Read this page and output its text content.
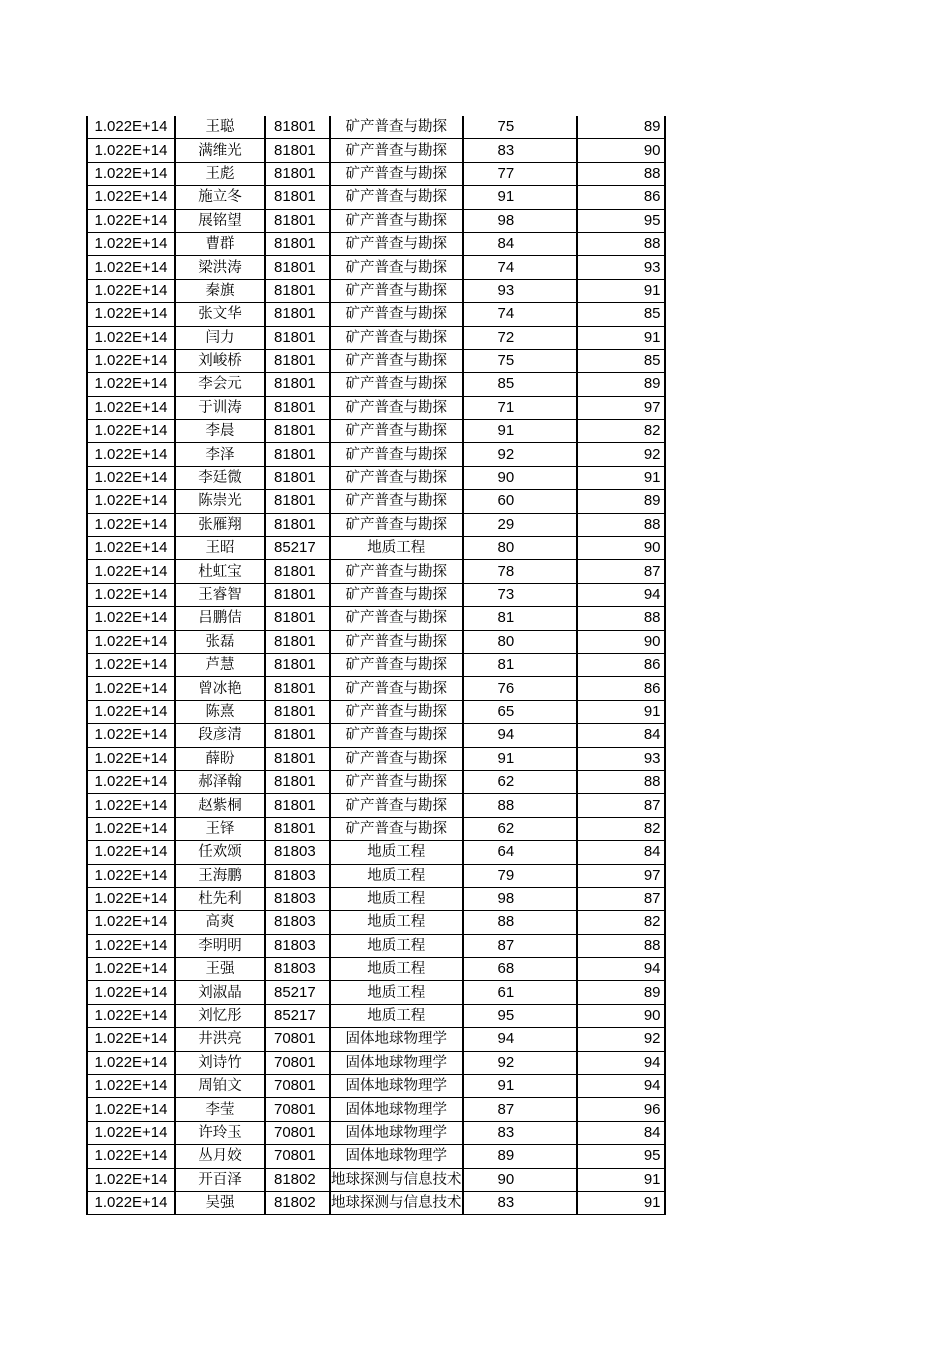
1.022E+14	王聪	81801	矿产普查与勘探	75	89
1.022E+14	满维光	81801	矿产普查与勘探	83	90
1.022E+14	王彪	81801	矿产普查与勘探	77	88
1.022E+14	施立冬	81801	矿产普查与勘探	91	86
1.022E+14	展铭望	81801	矿产普查与勘探	98	95
1.022E+14	曹群	81801	矿产普查与勘探	84	88
1.022E+14	梁洪涛	81801	矿产普查与勘探	74	93
1.022E+14	秦旗	81801	矿产普查与勘探	93	91
1.022E+14	张文华	81801	矿产普查与勘探	74	85
1.022E+14	闫力	81801	矿产普查与勘探	72	91
1.022E+14	刘峻桥	81801	矿产普查与勘探	75	85
1.022E+14	李会元	81801	矿产普查与勘探	85	89
1.022E+14	于训涛	81801	矿产普查与勘探	71	97
1.022E+14	李晨	81801	矿产普查与勘探	91	82
1.022E+14	李泽	81801	矿产普查与勘探	92	92
1.022E+14	李廷微	81801	矿产普查与勘探	90	91
1.022E+14	陈崇光	81801	矿产普查与勘探	60	89
1.022E+14	张雁翔	81801	矿产普查与勘探	29	88
1.022E+14	王昭	85217	地质工程	80	90
1.022E+14	杜虹宝	81801	矿产普查与勘探	78	87
1.022E+14	王睿智	81801	矿产普查与勘探	73	94
1.022E+14	吕鹏佶	81801	矿产普查与勘探	81	88
1.022E+14	张磊	81801	矿产普查与勘探	80	90
1.022E+14	芦慧	81801	矿产普查与勘探	81	86
1.022E+14	曾冰艳	81801	矿产普查与勘探	76	86
1.022E+14	陈熹	81801	矿产普查与勘探	65	91
1.022E+14	段彦清	81801	矿产普查与勘探	94	84
1.022E+14	薛盼	81801	矿产普查与勘探	91	93
1.022E+14	郝泽翰	81801	矿产普查与勘探	62	88
1.022E+14	赵紫桐	81801	矿产普查与勘探	88	87
1.022E+14	王铎	81801	矿产普查与勘探	62	82
1.022E+14	任欢颂	81803	地质工程	64	84
1.022E+14	王海鹏	81803	地质工程	79	97
1.022E+14	杜先利	81803	地质工程	98	87
1.022E+14	高爽	81803	地质工程	88	82
1.022E+14	李明明	81803	地质工程	87	88
1.022E+14	王强	81803	地质工程	68	94
1.022E+14	刘淑晶	85217	地质工程	61	89
1.022E+14	刘忆彤	85217	地质工程	95	90
1.022E+14	井洪亮	70801	固体地球物理学	94	92
1.022E+14	刘诗竹	70801	固体地球物理学	92	94
1.022E+14	周铂文	70801	固体地球物理学	91	94
1.022E+14	李莹	70801	固体地球物理学	87	96
1.022E+14	许玲玉	70801	固体地球物理学	83	84
1.022E+14	丛月姣	70801	固体地球物理学	89	95
1.022E+14	开百泽	81802	地球探测与信息技术	90	91
1.022E+14	吴强	81802	地球探测与信息技术	83	91
